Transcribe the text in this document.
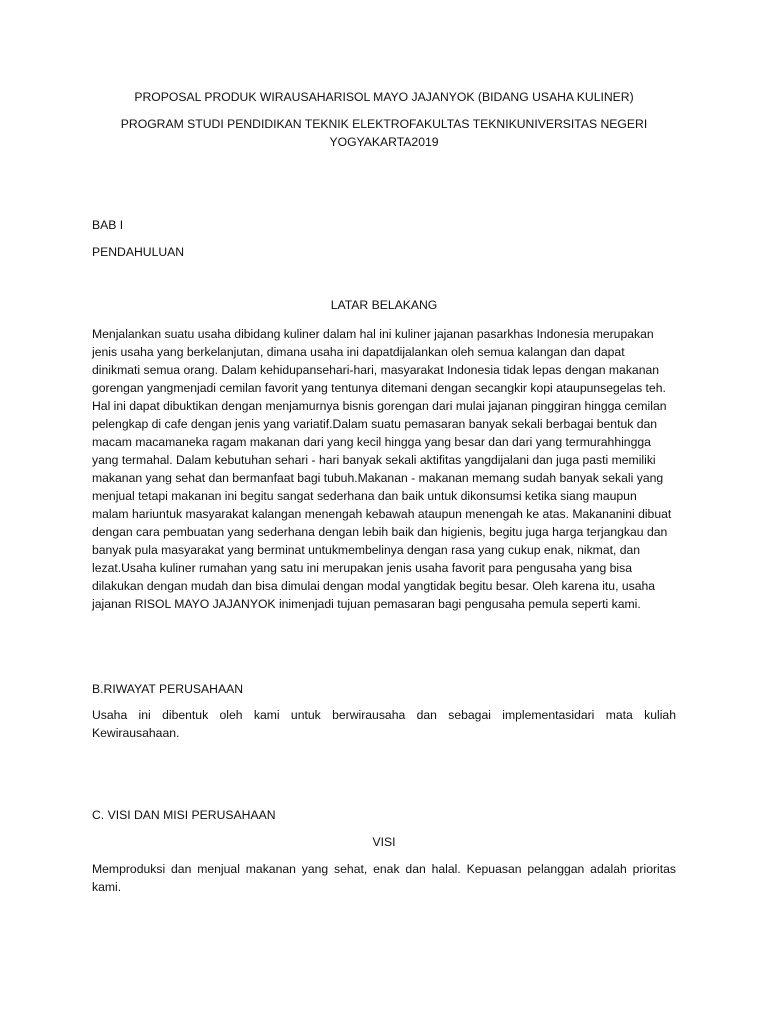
PROPOSAL PRODUK WIRAUSAHARISOL MAYO JAJANYOK (BIDANG USAHA KULINER)

PROGRAM STUDI PENDIDIKAN TEKNIK ELEKTROFAKULTAS TEKNIKUNIVERSITAS NEGERI YOGYAKARTA2019

BAB I

PENDAHULUAN

LATAR BELAKANG

Menjalankan suatu usaha dibidang kuliner dalam hal ini kuliner jajanan pasarkhas Indonesia merupakan jenis usaha yang berkelanjutan, dimana usaha ini dapatdijalankan oleh semua kalangan dan dapat dinikmati semua orang. Dalam kehidupansehari-hari, masyarakat Indonesia tidak lepas dengan makanan gorengan yangmenjadi cemilan favorit yang tentunya ditemani dengan secangkir kopi ataupunsegelas teh. Hal ini dapat dibuktikan dengan menjamurnya bisnis gorengan dari mulai jajanan pinggiran hingga cemilan pelengkap di cafe dengan jenis yang variatif.Dalam suatu pemasaran banyak sekali berbagai bentuk dan macam macamaneka ragam makanan dari yang kecil hingga yang besar dan dari yang termurahhingga yang termahal. Dalam kebutuhan sehari - hari banyak sekali aktifitas yangdijalani dan juga pasti memiliki makanan yang sehat dan bermanfaat bagi tubuh.Makanan - makanan memang sudah banyak sekali yang menjual tetapi makanan ini begitu sangat sederhana dan baik untuk dikonsumsi ketika siang maupun malam hariuntuk masyarakat kalangan menengah kebawah ataupun menengah ke atas. Makananini dibuat dengan cara pembuatan yang sederhana dengan lebih baik dan higienis, begitu juga harga terjangkau dan banyak pula masyarakat yang berminat untukmembelinya dengan rasa yang cukup enak, nikmat, dan lezat.Usaha kuliner rumahan yang satu ini merupakan jenis usaha favorit para pengusaha yang bisa dilakukan dengan mudah dan bisa dimulai dengan modal yangtidak begitu besar. Oleh karena itu, usaha jajanan RISOL MAYO JAJANYOK inimenjadi tujuan pemasaran bagi pengusaha pemula seperti kami.

B.RIWAYAT PERUSAHAAN

Usaha ini dibentuk oleh kami untuk berwirausaha dan sebagai implementasidari mata kuliah Kewirausahaan.

C. VISI DAN MISI PERUSAHAAN

VISI

Memproduksi dan menjual makanan yang sehat, enak dan halal. Kepuasan pelanggan adalah prioritas kami.
